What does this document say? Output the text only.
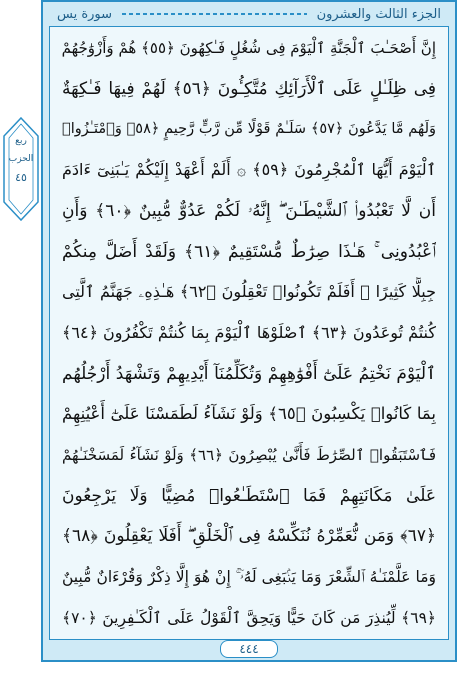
ربع
الحزب
٤٥
سورة يس	الجزء الثالث والعشرون
إِنَّ أَصْحَـٰبَ ٱلْجَنَّةِ ٱلْيَوْمَ فِى شُغُلٍ فَـٰكِهُونَ ﴿٥٥﴾ هُمْ وَأَزْوَٰجُهُمْ
فِى ظِلَـٰلٍ عَلَى ٱلْأَرَآئِكِ مُتَّكِـُٔونَ ﴿٥٦﴾ لَهُمْ فِيهَا فَـٰكِهَةٌ
وَلَهُم مَّا يَدَّعُونَ ﴿٥٧﴾ سَلَـٰمٌ قَوْلًا مِّن رَّبٍّ رَّحِيمٍ ﴿٥٨﴾ وَٱمْتَـٰزُوا۟
ٱلْيَوْمَ أَيُّهَا ٱلْمُجْرِمُونَ ﴿٥٩﴾ ۞ أَلَمْ أَعْهَدْ إِلَيْكُمْ يَـٰبَنِىٓ ءَادَمَ
أَن لَّا تَعْبُدُوا۟ ٱلشَّيْطَـٰنَ ۖ إِنَّهُۥ لَكُمْ عَدُوٌّ مُّبِينٌ ﴿٦٠﴾ وَأَنِ
ٱعْبُدُونِى ۚ هَـٰذَا صِرَٰطٌ مُّسْتَقِيمٌ ﴿٦١﴾ وَلَقَدْ أَضَلَّ مِنكُمْ
جِبِلًّا كَثِيرًا ۖ أَفَلَمْ تَكُونُوا۟ تَعْقِلُونَ ﴿٦٢﴾ هَـٰذِهِۦ جَهَنَّمُ ٱلَّتِى
كُنتُمْ تُوعَدُونَ ﴿٦٣﴾ ٱصْلَوْهَا ٱلْيَوْمَ بِمَا كُنتُمْ تَكْفُرُونَ ﴿٦٤﴾
ٱلْيَوْمَ نَخْتِمُ عَلَىٰٓ أَفْوَٰهِهِمْ وَتُكَلِّمُنَآ أَيْدِيهِمْ وَتَشْهَدُ أَرْجُلُهُم
بِمَا كَانُوا۟ يَكْسِبُونَ ﴿٦٥﴾ وَلَوْ نَشَآءُ لَطَمَسْنَا عَلَىٰٓ أَعْيُنِهِمْ
فَٱسْتَبَقُوا۟ ٱلصِّرَٰطَ فَأَنَّىٰ يُبْصِرُونَ ﴿٦٦﴾ وَلَوْ نَشَآءُ لَمَسَخْنَـٰهُمْ
عَلَىٰ مَكَانَتِهِمْ فَمَا ٱسْتَطَـٰعُوا۟ مُضِيًّا وَلَا يَرْجِعُونَ
﴿٦٧﴾ وَمَن نُّعَمِّرْهُ نُنَكِّسْهُ فِى ٱلْخَلْقِ ۖ أَفَلَا يَعْقِلُونَ ﴿٦٨﴾
وَمَا عَلَّمْنَـٰهُ ٱلشِّعْرَ وَمَا يَنۢبَغِى لَهُۥٓ ۚ إِنْ هُوَ إِلَّا ذِكْرٌ وَقُرْءَانٌ مُّبِينٌ
﴿٦٩﴾ لِّيُنذِرَ مَن كَانَ حَيًّا وَيَحِقَّ ٱلْقَوْلُ عَلَى ٱلْكَـٰفِرِينَ ﴿٧٠﴾
٤٤٤
